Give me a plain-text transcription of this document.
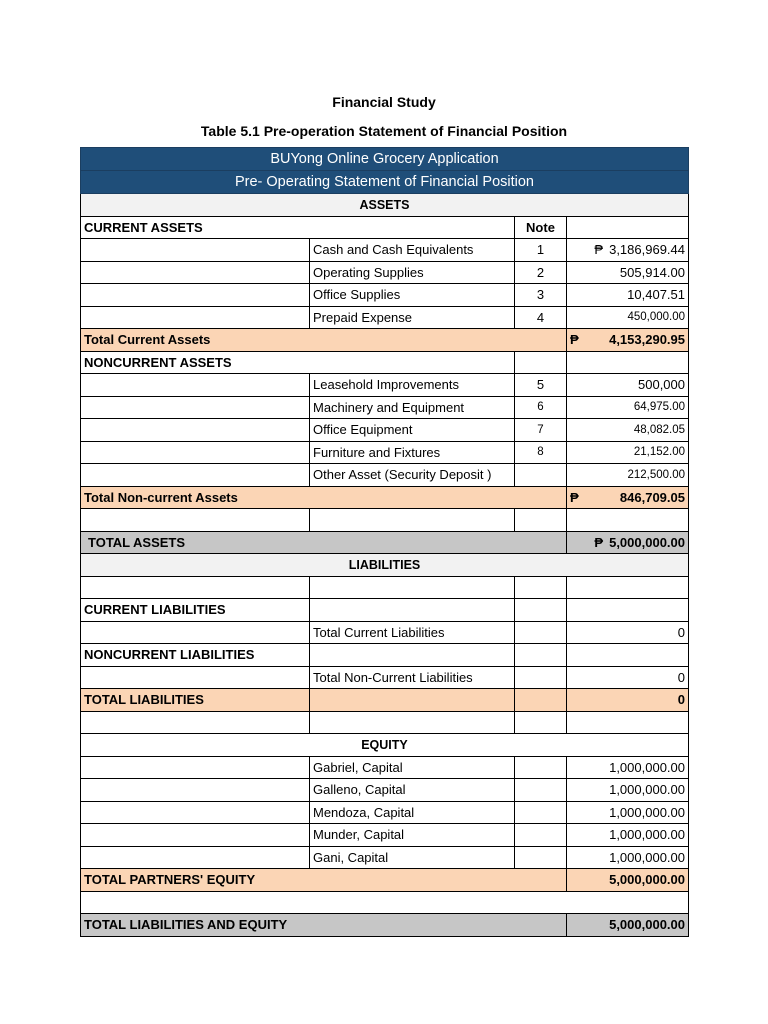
Financial Study
Table 5.1 Pre-operation Statement of Financial Position
BUYong Online Grocery Application			
Pre- Operating Statement of Financial Position			
ASSETS			
CURRENT ASSETS		Note	
	Cash and Cash Equivalents	1	₱ 3,186,969.44

	Operating Supplies	2	505,914.00
	Office Supplies	3	10,407.51
	Prepaid Expense	4	450,000.00
Total Current Assets			₱ 4,153,290.95

NONCURRENT ASSETS			
	Leasehold Improvements	5	500,000
	Machinery and Equipment	6	64,975.00
	Office Equipment	7	48,082.05
	Furniture and Fixtures	8	21,152.00
	Other Asset (Security Deposit )		212,500.00
Total Non-current Assets			₱ 846,709.05

TOTAL ASSETS			₱ 5,000,000.00

LIABILITIES			

CURRENT LIABILITIES			
	Total Current Liabilities		0
NONCURRENT LIABILITIES			
	Total Non-Current Liabilities		0
TOTAL LIABILITIES			0

EQUITY			
	Gabriel, Capital		1,000,000.00
	Galleno, Capital		1,000,000.00
	Mendoza, Capital		1,000,000.00
	Munder, Capital		1,000,000.00
	Gani, Capital		1,000,000.00
TOTAL PARTNERS' EQUITY			5,000,000.00

TOTAL LIABILITIES AND EQUITY			5,000,000.00
